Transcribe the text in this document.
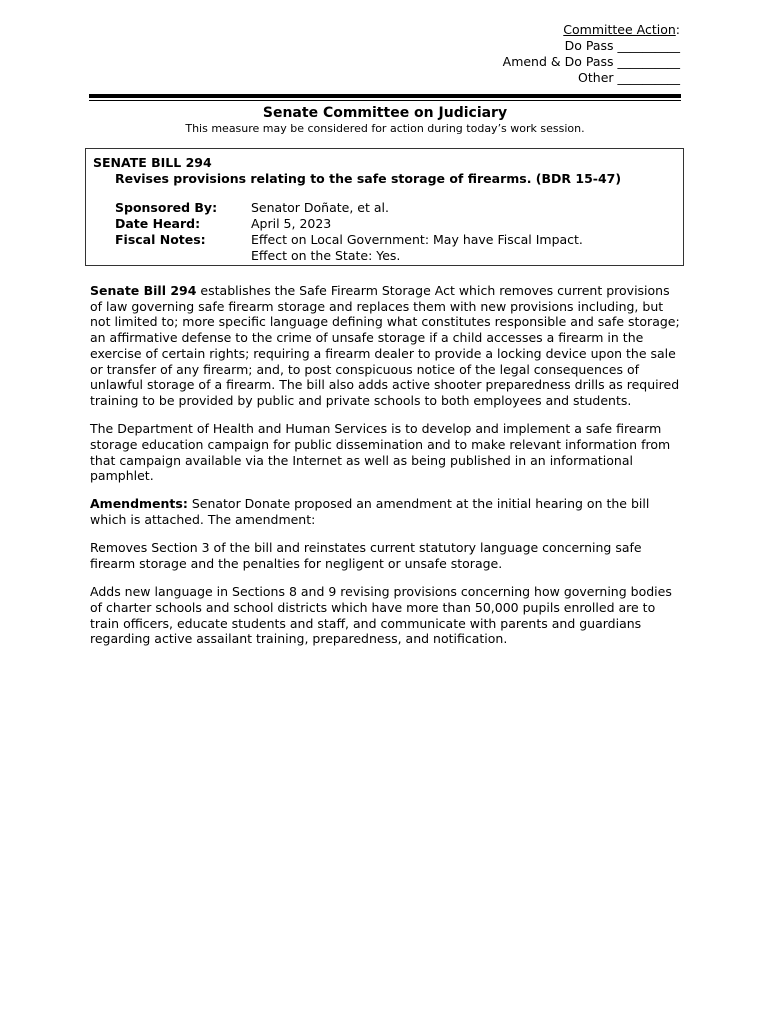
Committee Action:
Do Pass __________
Amend & Do Pass __________
Other __________
Senate Committee on Judiciary
This measure may be considered for action during today’s work session.
SENATE BILL 294
Revises provisions relating to the safe storage of firearms. (BDR 15-47)
Sponsored By:	Senator Doñate, et al.
Date Heard:	April 5, 2023
Fiscal Notes:	Effect on Local Government: May have Fiscal Impact.
Effect on the State: Yes.

Senate Bill 294 establishes the Safe Firearm Storage Act which removes current provisions of law governing safe firearm storage and replaces them with new provisions including, but not limited to; more specific language defining what constitutes responsible and safe storage; an affirmative defense to the crime of unsafe storage if a child accesses a firearm in the exercise of certain rights; requiring a firearm dealer to provide a locking device upon the sale or transfer of any firearm; and, to post conspicuous notice of the legal consequences of unlawful storage of a firearm. The bill also adds active shooter preparedness drills as required training to be provided by public and private schools to both employees and students.

The Department of Health and Human Services is to develop and implement a safe firearm storage education campaign for public dissemination and to make relevant information from that campaign available via the Internet as well as being published in an informational pamphlet.

Amendments: Senator Donate proposed an amendment at the initial hearing on the bill which is attached. The amendment:

Removes Section 3 of the bill and reinstates current statutory language concerning safe firearm storage and the penalties for negligent or unsafe storage.

Adds new language in Sections 8 and 9 revising provisions concerning how governing bodies of charter schools and school districts which have more than 50,000 pupils enrolled are to train officers, educate students and staff, and communicate with parents and guardians regarding active assailant training, preparedness, and notification.
